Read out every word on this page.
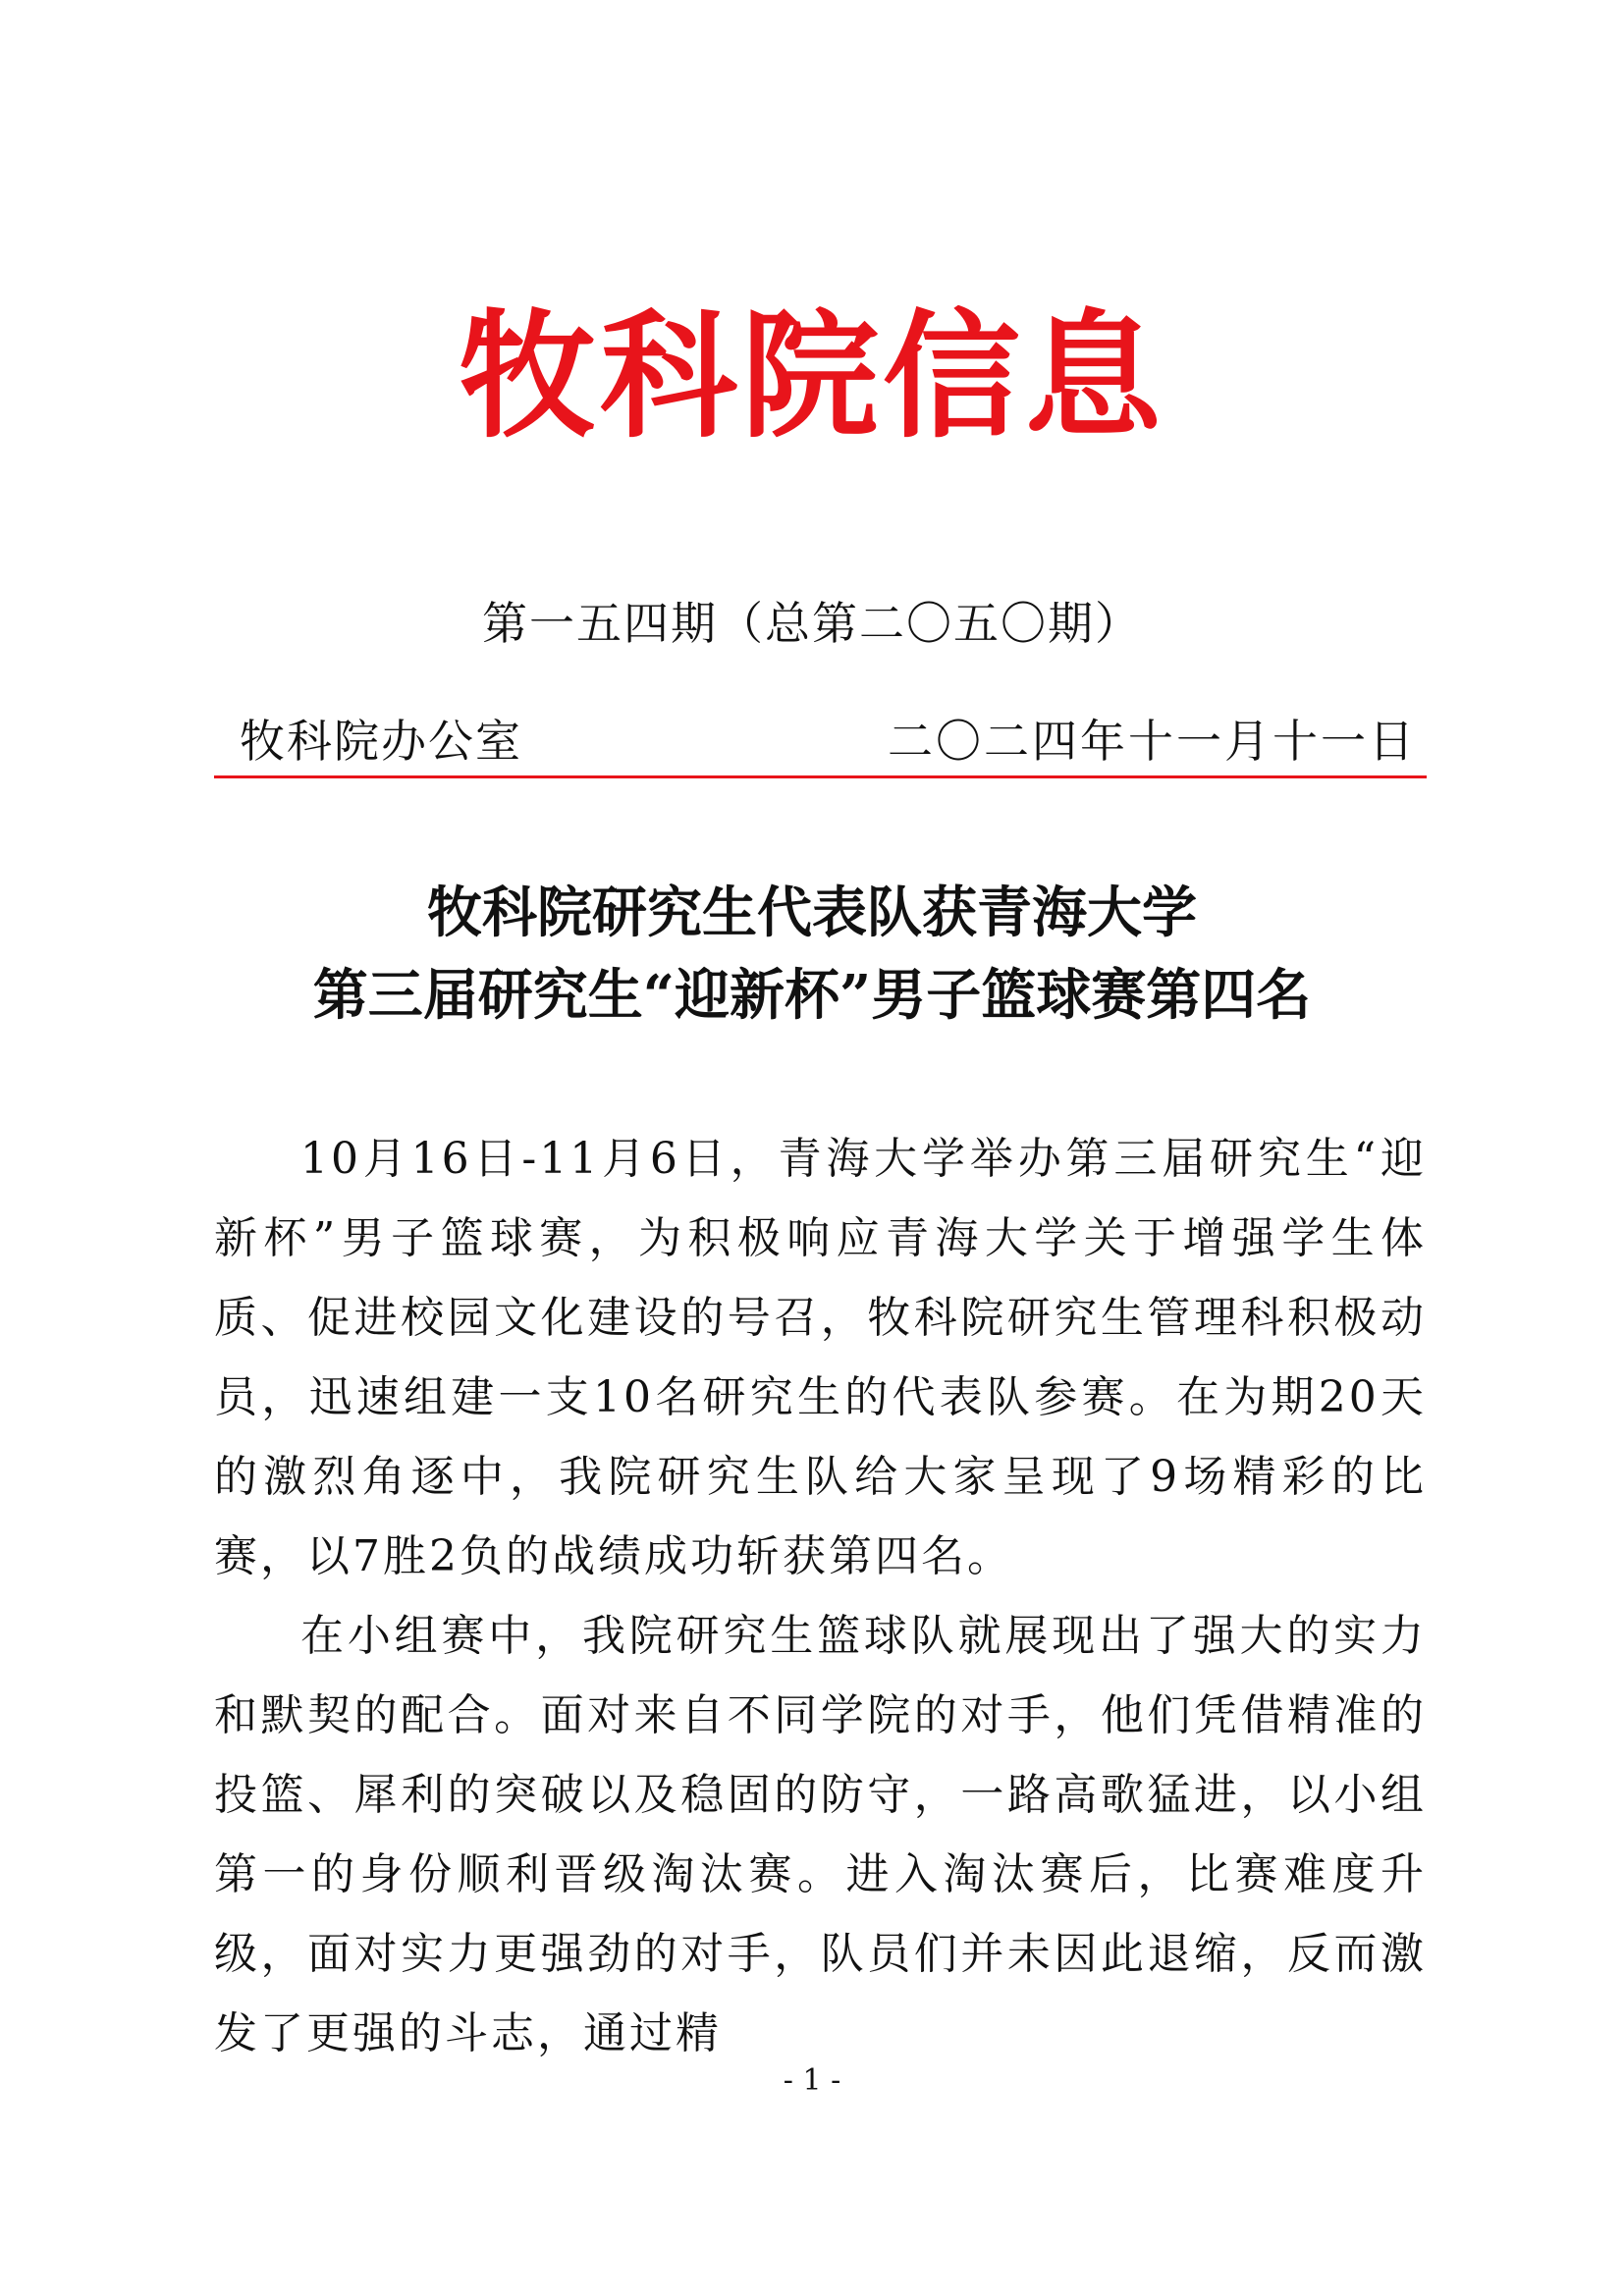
牧科院信息
第一五四期（总第二〇五〇期）
牧科院办公室	二〇二四年十一月十一日
牧科院研究生代表队获青海大学
第三届研究生“迎新杯”男子篮球赛第四名

10月16日-11月6日，青海大学举办第三届研究生“迎新杯”男子篮球赛，为积极响应青海大学关于增强学生体质、促进校园文化建设的号召，牧科院研究生管理科积极动员，迅速组建一支10名研究生的代表队参赛。在为期20天的激烈角逐中，我院研究生队给大家呈现了9场精彩的比赛，以7胜2负的战绩成功斩获第四名。

在小组赛中，我院研究生篮球队就展现出了强大的实力和默契的配合。面对来自不同学院的对手，他们凭借精准的投篮、犀利的突破以及稳固的防守，一路高歌猛进，以小组第一的身份顺利晋级淘汰赛。进入淘汰赛后，比赛难度升级，面对实力更强劲的对手，队员们并未因此退缩，反而激发了更强的斗志，通过精

- 1 -
